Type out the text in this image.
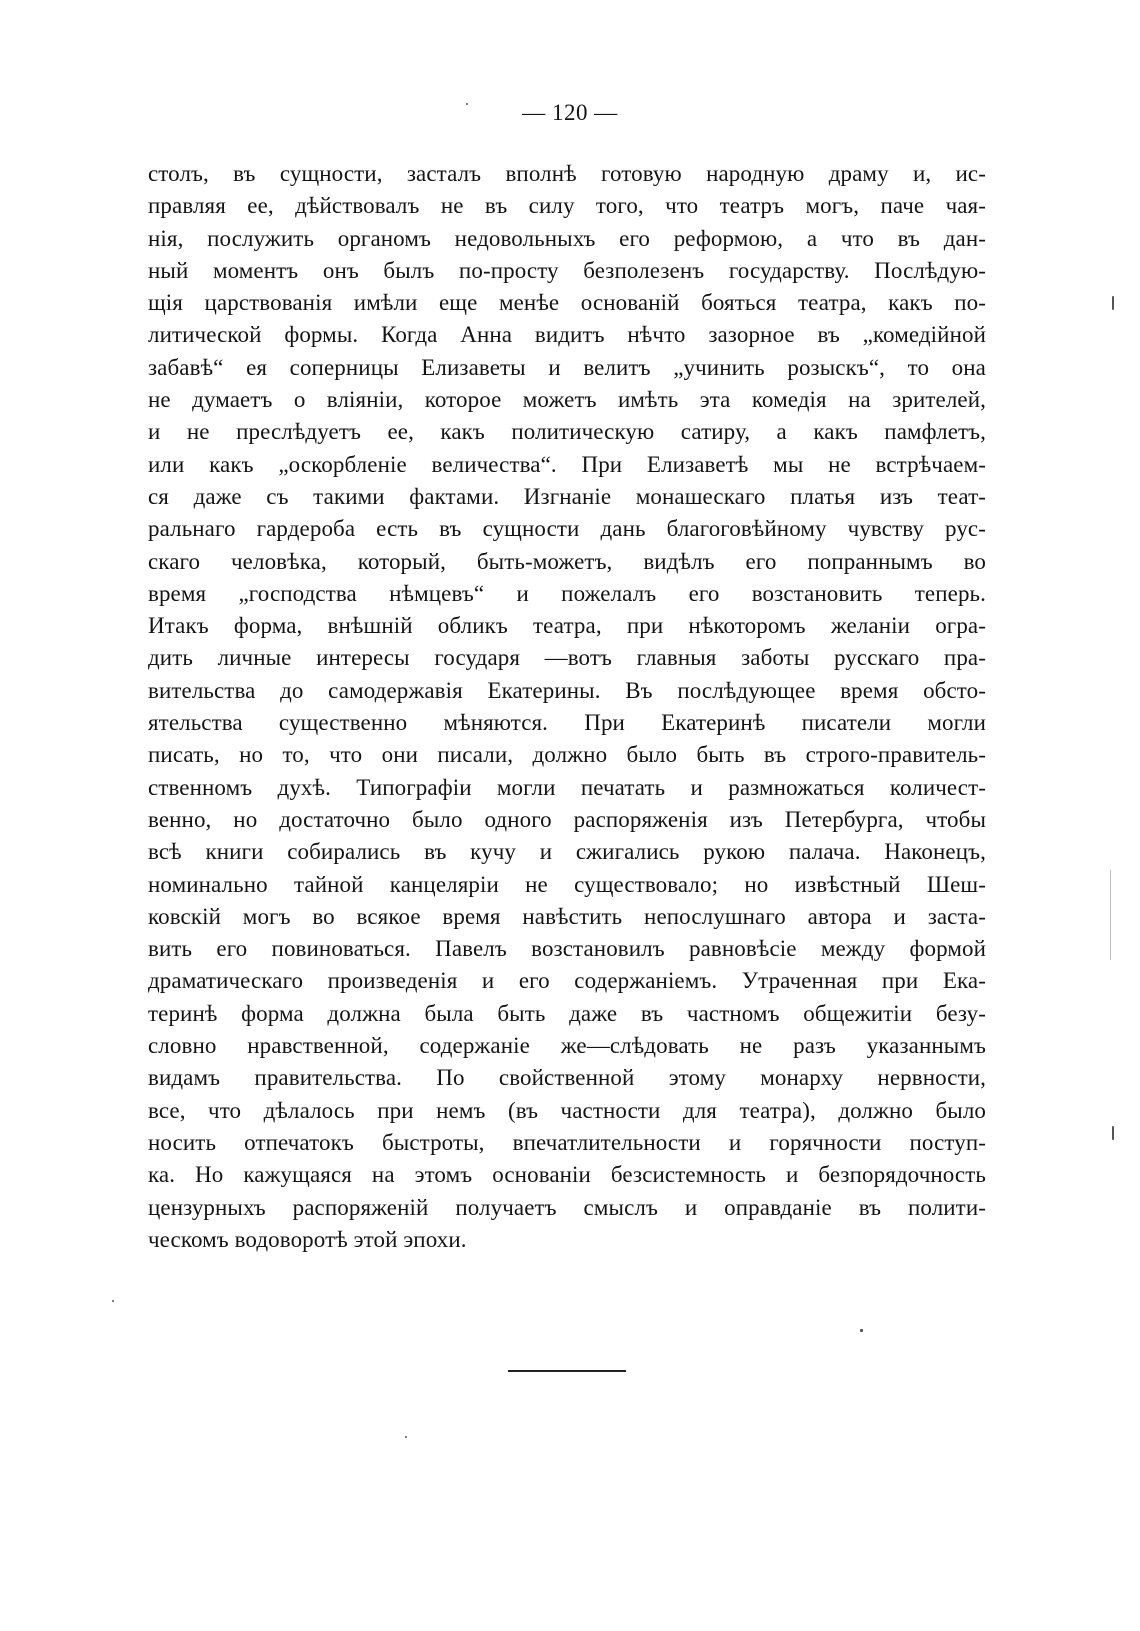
— 120 —
столъ, въ сущности, засталъ вполнѣ готовую народную драму и, ис-
правляя ее, дѣйствовалъ не въ силу того, что театръ могъ, паче чая-
нія, послужить органомъ недовольныхъ его реформою, а что въ дан-
ный моментъ онъ былъ по-просту безполезенъ государству. Послѣдую-
щія царствованія имѣли еще менѣе основаній бояться театра, какъ по-
литической формы. Когда Анна видитъ нѣчто зазорное въ „комедійной
забавѣ“ ея соперницы Елизаветы и велитъ „учинить розыскъ“, то она
не думаетъ о вліяніи, которое можетъ имѣть эта комедія на зрителей,
и не преслѣдуетъ ее, какъ политическую сатиру, а какъ памфлетъ,
или какъ „оскорбленіе величества“. При Елизаветѣ мы не встрѣчаем-
ся даже съ такими фактами. Изгнаніе монашескаго платья изъ теат-
ральнаго гардероба есть въ сущности дань благоговѣйному чувству рус-
скаго человѣка, который, быть-можетъ, видѣлъ его попраннымъ во
время „господства нѣмцевъ“ и пожелалъ его возстановить теперь.
Итакъ форма, внѣшній обликъ театра, при нѣкоторомъ желаніи огра-
дить личные интересы государя —вотъ главныя заботы русскаго пра-
вительства до самодержавія Екатерины. Въ послѣдующее время обсто-
ятельства существенно мѣняются. При Екатеринѣ писатели могли
писать, но то, что они писали, должно было быть въ строго-правитель-
ственномъ духѣ. Типографіи могли печатать и размножаться количест-
венно, но достаточно было одного распоряженія изъ Петербурга, чтобы
всѣ книги собирались въ кучу и сжигались рукою палача. Наконецъ,
номинально тайной канцеляріи не существовало; но извѣстный Шеш-
ковскій могъ во всякое время навѣстить непослушнаго автора и заста-
вить его повиноваться. Павелъ возстановилъ равновѣсіе между формой
драматическаго произведенія и его содержаніемъ. Утраченная при Ека-
теринѣ форма должна была быть даже въ частномъ общежитіи безу-
словно нравственной, содержаніе же—слѣдовать не разъ указаннымъ
видамъ правительства. По свойственной этому монарху нервности,
все, что дѣлалось при немъ (въ частности для театра), должно было
носить отпечатокъ быстроты, впечатлительности и горячности поступ-
ка. Но кажущаяся на этомъ основаніи безсистемность и безпорядочность
цензурныхъ распоряженій получаетъ смыслъ и оправданіе въ полити-
ческомъ водоворотѣ этой эпохи.
